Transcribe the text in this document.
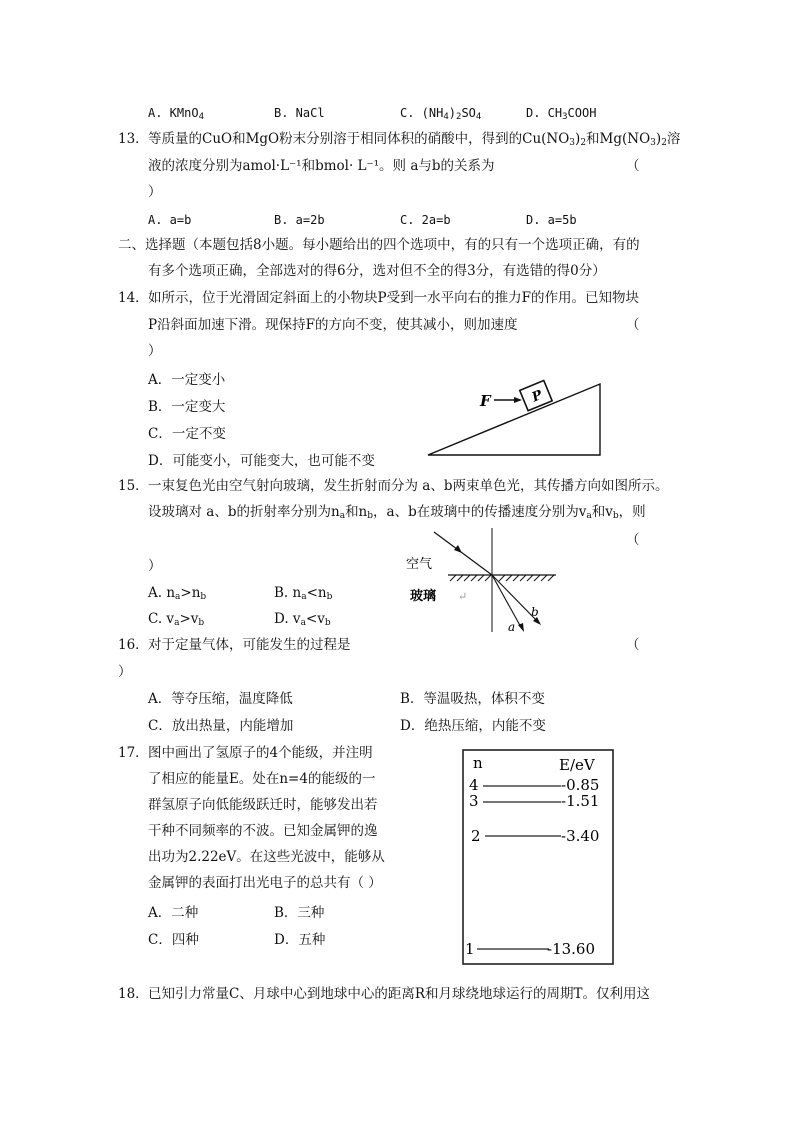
A. KMnO$_4$	B. NaCl	C. $(NH_4)_2SO_4$	D. $CH_3COOH$
13． 等质量的CuO和MgO粉末分别溶于相同体积的硝酸中，得到的$Cu(NO_3)_2$和$Mg(NO_3)_2$溶
液的浓度分别为amol·L⁻¹和bmol· L⁻¹。则 a与b的关系为	（
）
A. a=b	B. a=2b	C. 2a=b	D. a=5b
二、选择题（本题包括8小题。每小题给出的四个选项中，有的只有一个选项正确，有的
有多个选项正确，全部选对的得6分，选对但不全的得3分，有选错的得0分）
14． 如所示，位于光滑固定斜面上的小物块P受到一水平向右的推力F的作用。已知物块
P沿斜面加速下滑。现保持F的方向不变，使其减小，则加速度	（
）
A．一定变小
B．一定变大
C．一定不变
D．可能变小，可能变大，也可能不变
P
F
15． 一束复色光由空气射向玻璃，发生折射而分为 a、b两束单色光，其传播方向如图所示。
设玻璃对 a、b的折射率分别为$n_a$和$n_b$，a、b在玻璃中的传播速度分别为$v_a$和$v_b$，则
（
）
A. $n_a>n_b$	B. $n_a<n_b$
C. $v_a>v_b$	D. $v_a<v_b$
空气
玻璃 ↵
a
b
16． 对于定量气体，可能发生的过程是	（
）
A．等夺压缩，温度降低	B．等温吸热，体积不变
C．放出热量，内能增加	D．绝热压缩，内能不变
17． 图中画出了氢原子的4个能级，并注明
了相应的能量E。处在n=4的能级的一
群氢原子向低能级跃迁时，能够发出若
干种不同频率的不波。已知金属钾的逸
出功为2.22eV。在这些光波中，能够从
金属钾的表面打出光电子的总共有（ ）
A．二种	B．三种
C．四种	D．五种
n	E/eV
4	-0.85
3	-1.51
2	-3.40
1	-13.60
18． 已知引力常量C、月球中心到地球中心的距离R和月球绕地球运行的周期T。仅利用这
